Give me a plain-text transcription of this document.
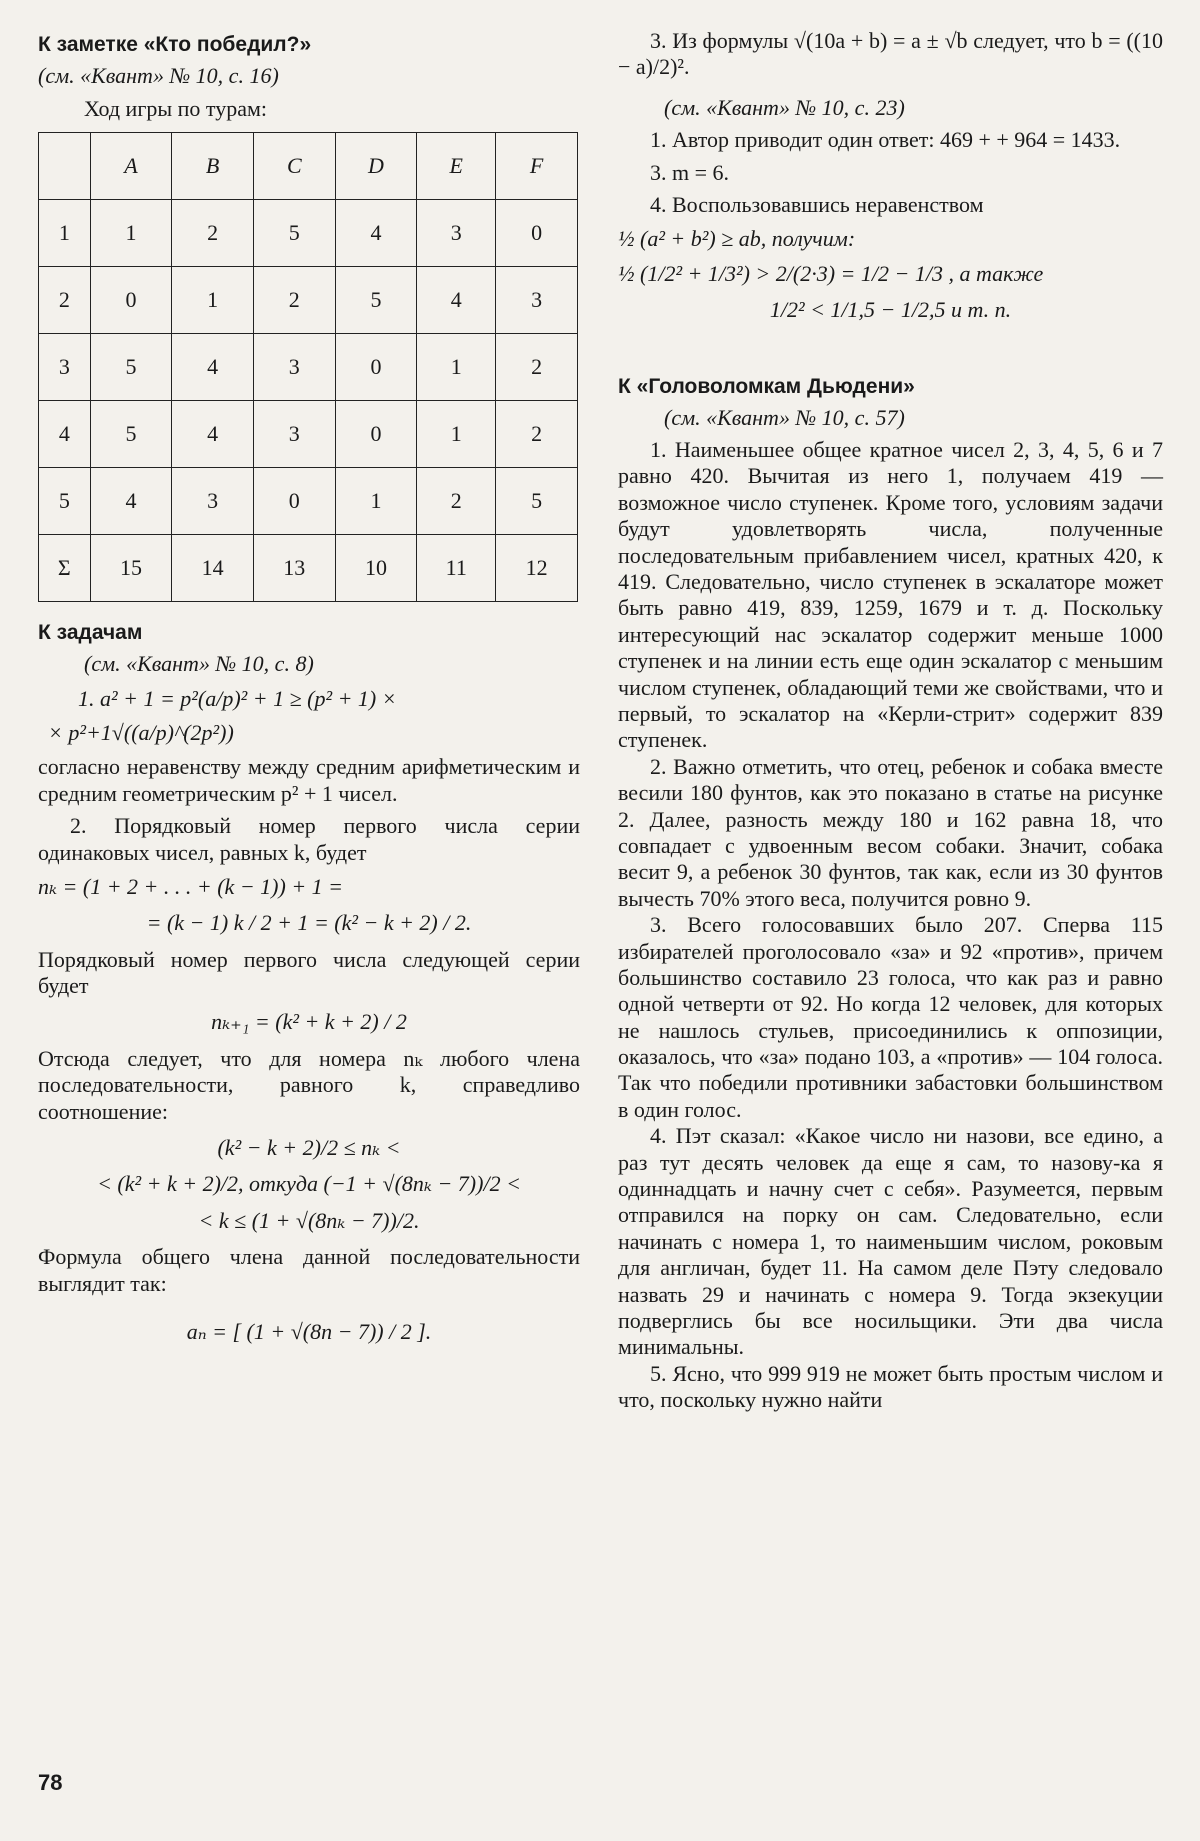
К заметке «Кто победил?»
(см. «Квант» № 10, с. 16)
Ход игры по турам:
	A	B	C	D	E	F
1	1	2	5	4	3	0
2	0	1	2	5	4	3
3	5	4	3	0	1	2
4	5	4	3	0	1	2
5	4	3	0	1	2	5
Σ	15	14	13	10	11	12
К задачам
(см. «Квант» № 10, с. 8)
1. a² + 1 = p²(a/p)² + 1 ≥ (p² + 1) ×
× p²+1√((a/p)^(2p²))

согласно неравенству между средним арифметическим и средним геометрическим p² + 1 чисел.

2. Порядковый номер первого числа серии одинаковых чисел, равных k, будет

nₖ = (1 + 2 + . . . + (k − 1)) + 1 =
= (k − 1) k / 2 + 1 = (k² − k + 2) / 2.

Порядковый номер первого числа следующей серии будет

nₖ₊₁ = (k² + k + 2) / 2

Отсюда следует, что для номера nₖ любого члена последовательности, равного k, справедливо соотношение:

(k² − k + 2)/2 ≤ nₖ <
< (k² + k + 2)/2, откуда (−1 + √(8nₖ − 7))/2 <
< k ≤ (1 + √(8nₖ − 7))/2.

Формула общего члена данной последовательности выглядит так:

aₙ = [ (1 + √(8n − 7)) / 2 ].

3. Из формулы √(10a + b) = a ± √b следует, что b = ((10 − a)/2)².

(см. «Квант» № 10, с. 23)

1. Автор приводит один ответ: 469 + + 964 = 1433.

3. m = 6.

4. Воспользовавшись неравенством

½ (a² + b²) ≥ ab, получим:
½ (1/2² + 1/3²) > 2/(2·3) = 1/2 − 1/3 , а также
1/2² < 1/1,5 − 1/2,5 и т. п.
К «Головоломкам Дьюдени»
(см. «Квант» № 10, с. 57)

1. Наименьшее общее кратное чисел 2, 3, 4, 5, 6 и 7 равно 420. Вычитая из него 1, получаем 419 — возможное число ступенек. Кроме того, условиям задачи будут удовлетворять числа, полученные последовательным прибавлением чисел, кратных 420, к 419. Следовательно, число ступенек в эскалаторе может быть равно 419, 839, 1259, 1679 и т. д. Поскольку интересующий нас эскалатор содержит меньше 1000 ступенек и на линии есть еще один эскалатор с меньшим числом ступенек, обладающий теми же свойствами, что и первый, то эскалатор на «Керли-стрит» содержит 839 ступенек.

2. Важно отметить, что отец, ребенок и собака вместе весили 180 фунтов, как это показано в статье на рисунке 2. Далее, разность между 180 и 162 равна 18, что совпадает с удвоенным весом собаки. Значит, собака весит 9, а ребенок 30 фунтов, так как, если из 30 фунтов вычесть 70% этого веса, получится ровно 9.

3. Всего голосовавших было 207. Сперва 115 избирателей проголосовало «за» и 92 «против», причем большинство составило 23 голоса, что как раз и равно одной четверти от 92. Но когда 12 человек, для которых не нашлось стульев, присоединились к оппозиции, оказалось, что «за» подано 103, а «против» — 104 голоса. Так что победили противники забастовки большинством в один голос.

4. Пэт сказал: «Какое число ни назови, все едино, а раз тут десять человек да еще я сам, то назову-ка я одиннадцать и начну счет с себя». Разумеется, первым отправился на порку он сам. Следовательно, если начинать с номера 1, то наименьшим числом, роковым для англичан, будет 11. На самом деле Пэту следовало назвать 29 и начинать с номера 9. Тогда экзекуции подверглись бы все носильщики. Эти два числа минимальны.

5. Ясно, что 999 919 не может быть простым числом и что, поскольку нужно найти

78
